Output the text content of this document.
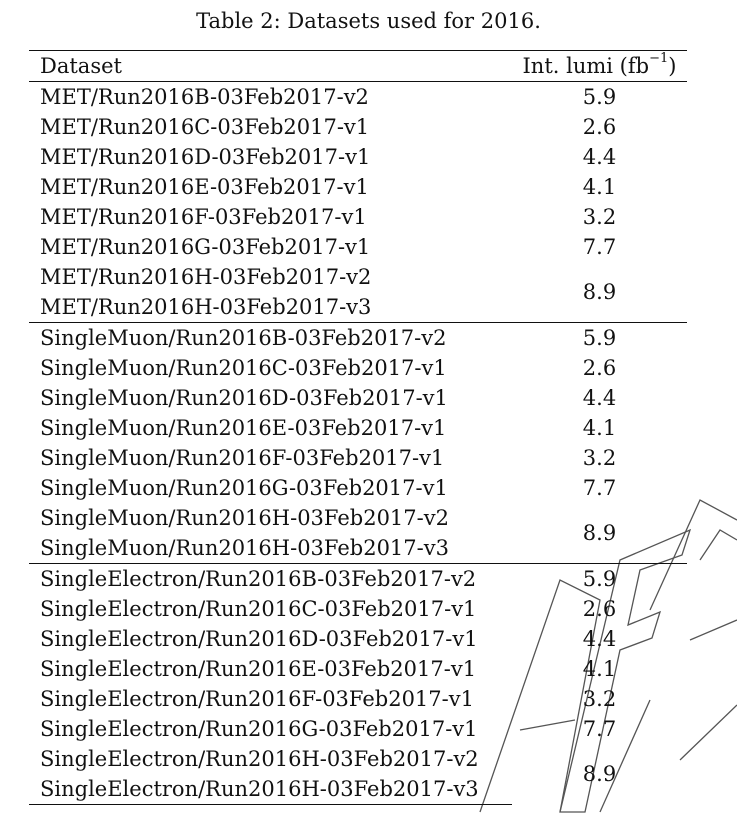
Table 2: Datasets used for 2016.
Dataset	Int. lumi $(fb^{-1})$
MET/Run2016B-03Feb2017-v2	5.9
MET/Run2016C-03Feb2017-v1	2.6
MET/Run2016D-03Feb2017-v1	4.4
MET/Run2016E-03Feb2017-v1	4.1
MET/Run2016F-03Feb2017-v1	3.2
MET/Run2016G-03Feb2017-v1	7.7
MET/Run2016H-03Feb2017-v2	8.9
MET/Run2016H-03Feb2017-v3	
SingleMuon/Run2016B-03Feb2017-v2	5.9
SingleMuon/Run2016C-03Feb2017-v1	2.6
SingleMuon/Run2016D-03Feb2017-v1	4.4
SingleMuon/Run2016E-03Feb2017-v1	4.1
SingleMuon/Run2016F-03Feb2017-v1	3.2
SingleMuon/Run2016G-03Feb2017-v1	7.7
SingleMuon/Run2016H-03Feb2017-v2	8.9
SingleMuon/Run2016H-03Feb2017-v3	
SingleElectron/Run2016B-03Feb2017-v2	5.9
SingleElectron/Run2016C-03Feb2017-v1	2.6
SingleElectron/Run2016D-03Feb2017-v1	4.4
SingleElectron/Run2016E-03Feb2017-v1	4.1
SingleElectron/Run2016F-03Feb2017-v1	3.2
SingleElectron/Run2016G-03Feb2017-v1	7.7
SingleElectron/Run2016H-03Feb2017-v2	8.9
SingleElectron/Run2016H-03Feb2017-v3	
